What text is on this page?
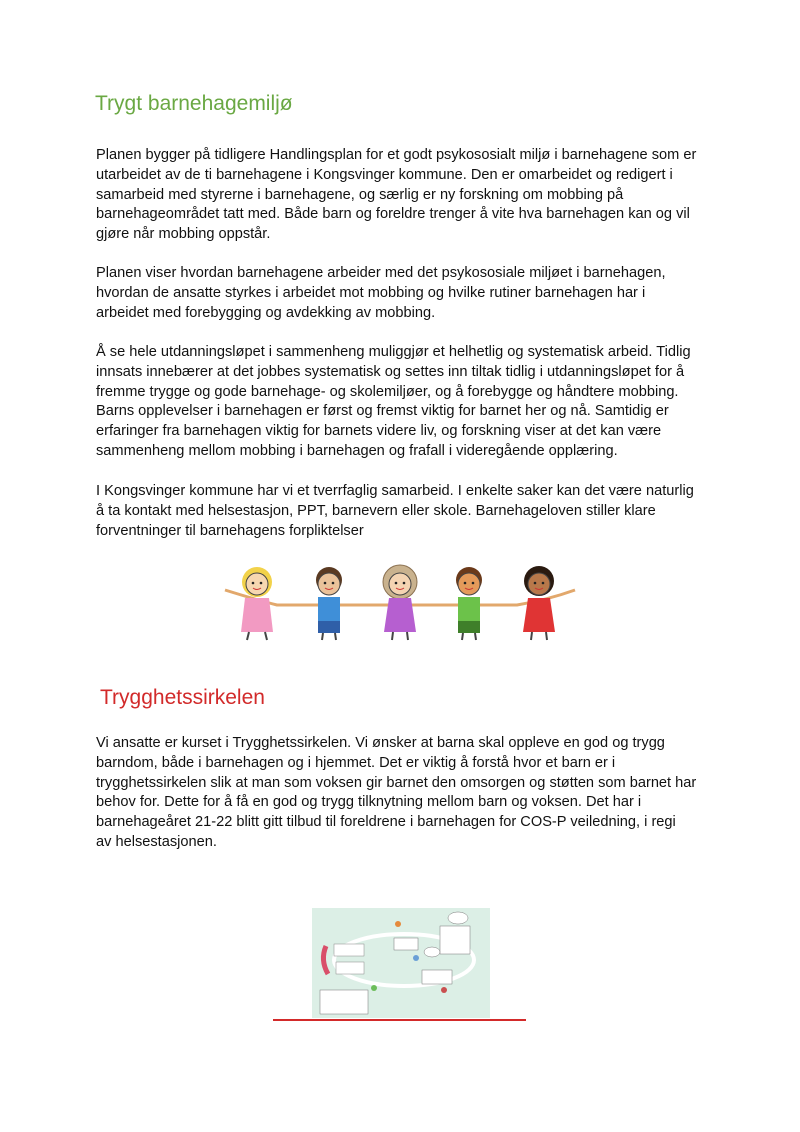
Trygt barnehagemiljø

Planen bygger på tidligere Handlingsplan for et godt psykososialt miljø i barnehagene som er
utarbeidet av de ti barnehagene i Kongsvinger kommune. Den er omarbeidet og redigert i
samarbeid med styrerne i barnehagene, og særlig er ny forskning om mobbing på
barnehageområdet tatt med. Både barn og foreldre trenger å vite hva barnehagen kan og vil
gjøre når mobbing oppstår.

Planen viser hvordan barnehagene arbeider med det psykososiale miljøet i barnehagen,
hvordan de ansatte styrkes i arbeidet mot mobbing og hvilke rutiner barnehagen har i
arbeidet med forebygging og avdekking av mobbing.

Å se hele utdanningsløpet i sammenheng muliggjør et helhetlig og systematisk arbeid. Tidlig
innsats innebærer at det jobbes systematisk og settes inn tiltak tidlig i utdanningsløpet for å
fremme trygge og gode barnehage- og skolemiljøer, og å forebygge og håndtere mobbing.
Barns opplevelser i barnehagen er først og fremst viktig for barnet her og nå. Samtidig er
erfaringer fra barnehagen viktig for barnets videre liv, og forskning viser at det kan være
sammenheng mellom mobbing i barnehagen og frafall i videregående opplæring.

I Kongsvinger kommune har vi et tverrfaglig samarbeid. I enkelte saker kan det være naturlig
å ta kontakt med helsestasjon, PPT, barnevern eller skole. Barnehageloven stiller klare
forventninger til barnehagens forpliktelser

Trygghetssirkelen

Vi ansatte er kurset i Trygghetssirkelen. Vi ønsker at barna skal oppleve en god og trygg
barndom, både i barnehagen og i hjemmet. Det er viktig å forstå hvor et barn er i
trygghetssirkelen slik at man som voksen gir barnet den omsorgen og støtten som barnet har
behov for. Dette for å få en god og trygg tilknytning mellom barn og voksen. Det har i
barnehageåret 21-22 blitt gitt tilbud til foreldrene i barnehagen for COS-P veiledning, i regi
av helsestasjonen.
